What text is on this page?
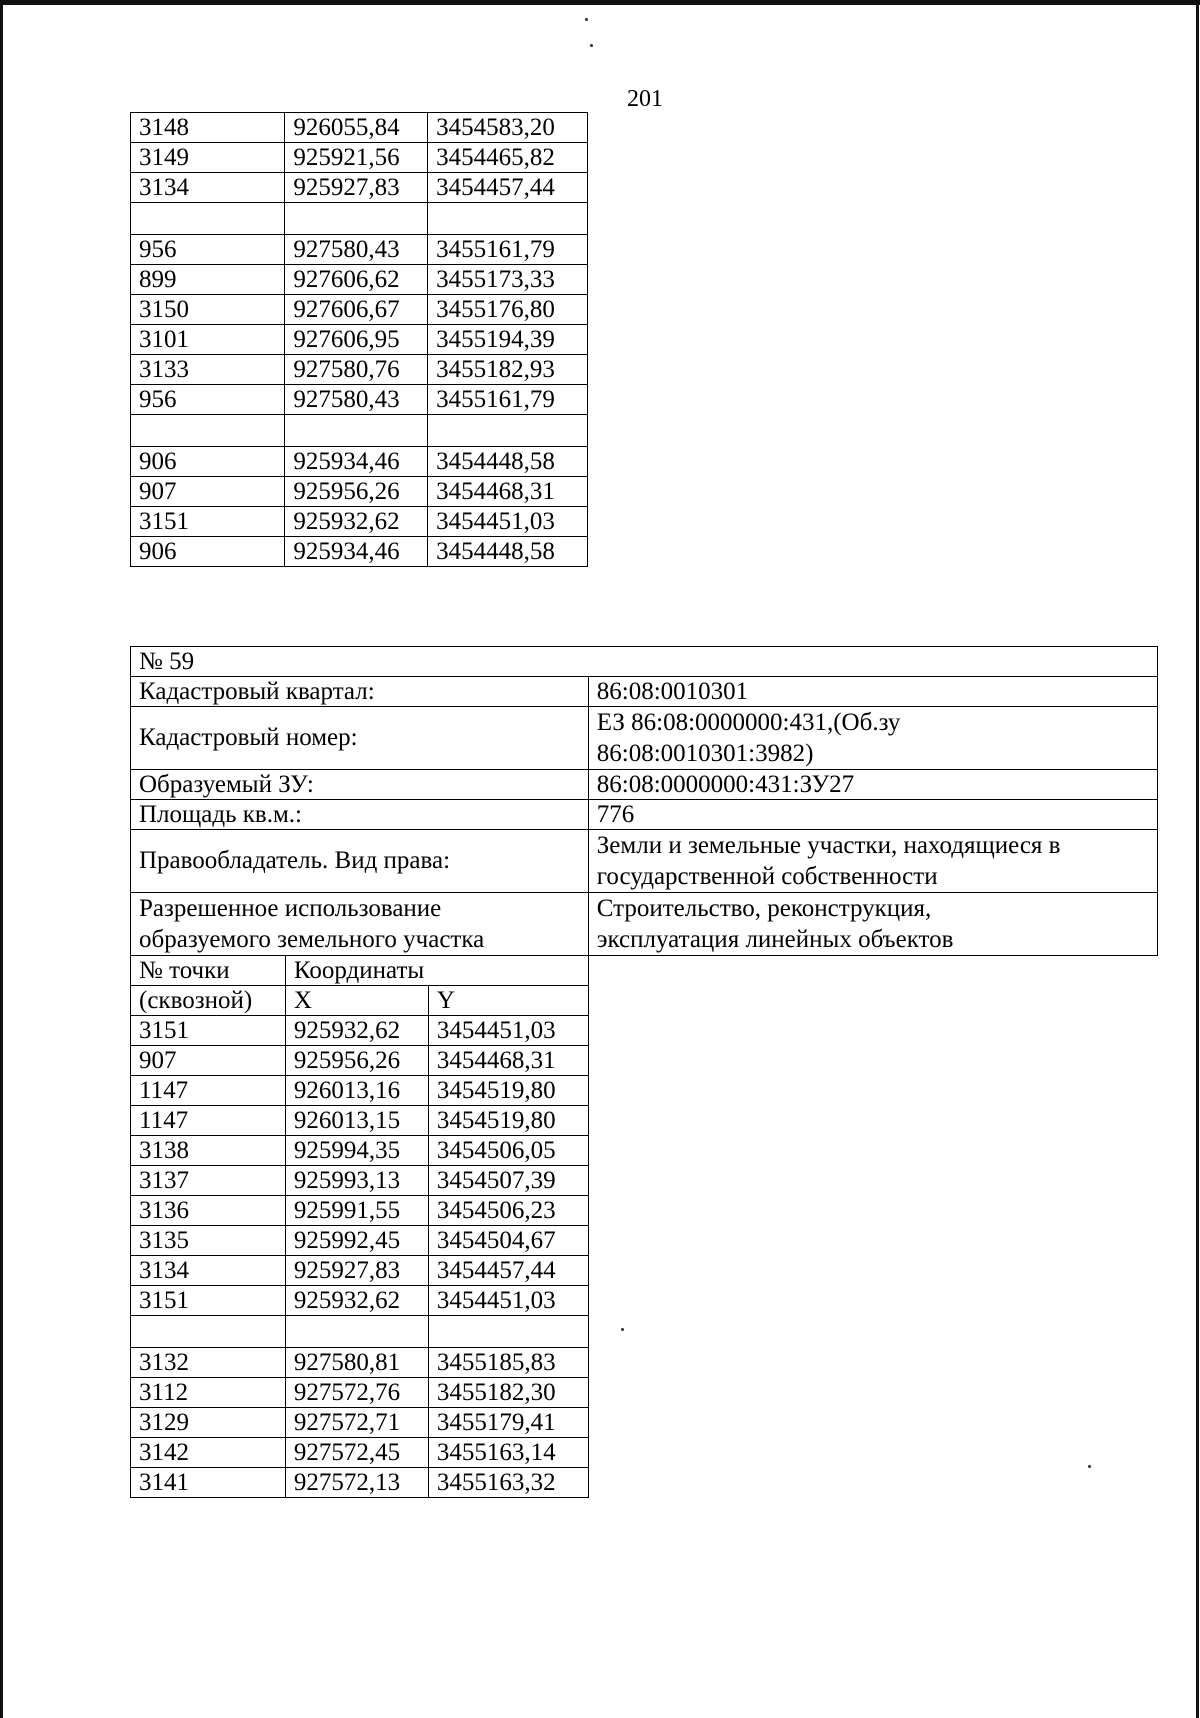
201
3148	926055,84	3454583,20
3149	925921,56	3454465,82
3134	925927,83	3454457,44

956	927580,43	3455161,79
899	927606,62	3455173,33
3150	927606,67	3455176,80
3101	927606,95	3455194,39
3133	927580,76	3455182,93
956	927580,43	3455161,79

906	925934,46	3454448,58
907	925956,26	3454468,31
3151	925932,62	3454451,03
906	925934,46	3454448,58
№ 59			
Кадастровый квартал:			86:08:0010301
Кадастровый номер:			ЕЗ 86:08:0000000:431,(Об.зу
86:08:0010301:3982)
Образуемый ЗУ:			86:08:0000000:431:ЗУ27
Площадь кв.м.:			776
Правообладатель. Вид права:			Земли и земельные участки, находящиеся в
государственной собственности
Разрешенное использование
образуемого земельного участка			Строительство, реконструкция,
эксплуатация линейных объектов
№ точки	Координаты		
(сквозной)	X	Y	
3151	925932,62	3454451,03	
907	925956,26	3454468,31	
1147	926013,16	3454519,80	
1147	926013,15	3454519,80	
3138	925994,35	3454506,05	
3137	925993,13	3454507,39	
3136	925991,55	3454506,23	
3135	925992,45	3454504,67	
3134	925927,83	3454457,44	
3151	925932,62	3454451,03	

3132	927580,81	3455185,83	
3112	927572,76	3455182,30	
3129	927572,71	3455179,41	
3142	927572,45	3455163,14	
3141	927572,13	3455163,32	
